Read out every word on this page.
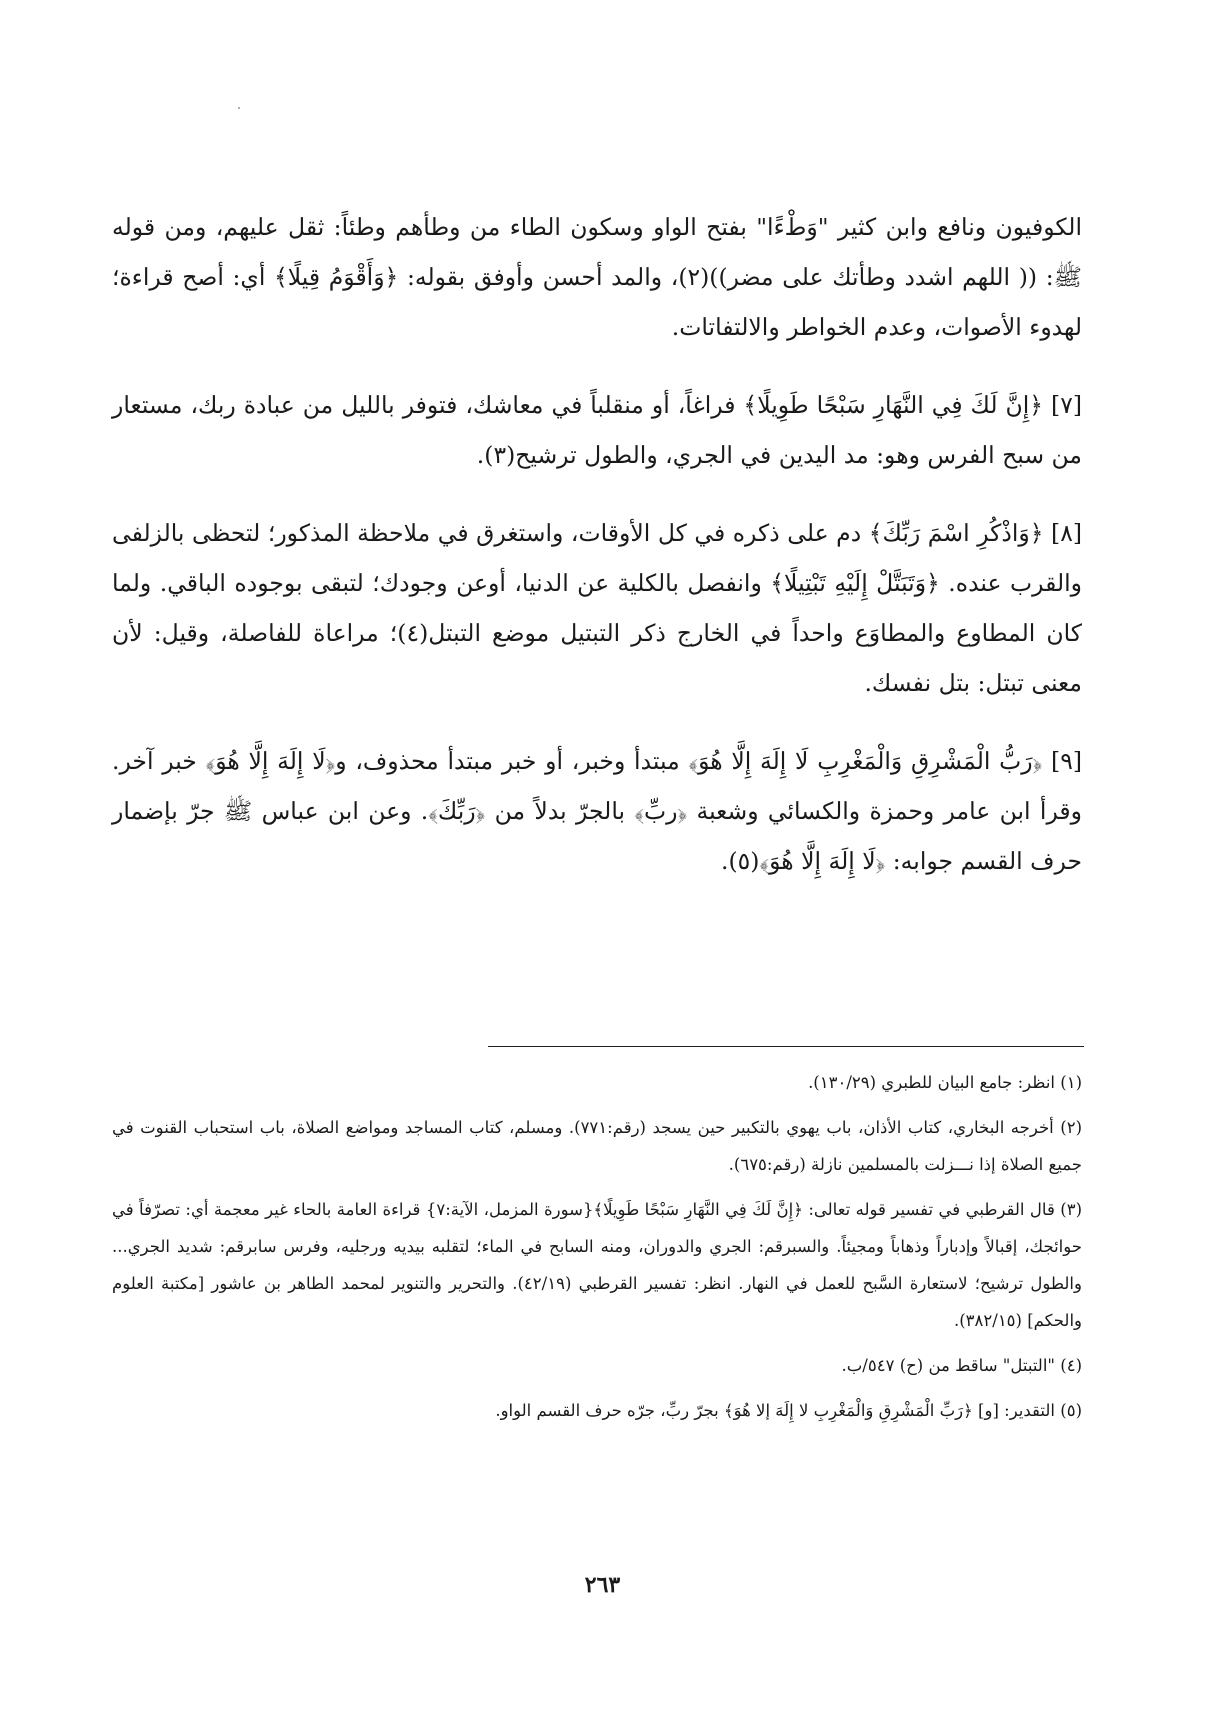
الكوفيون ونافع وابن كثير "وَطْءًا" بفتح الواو وسكون الطاء من وطأهم وطئاً: ثقل عليهم، ومن قوله ﷺ: (( اللهم اشدد وطأتك على مضر))(٢)، والمد أحسن وأوفق بقوله: ﴿وَأَقْوَمُ قِيلًا﴾ أي: أصح قراءة؛ لهدوء الأصوات، وعدم الخواطر والالتفاتات.

[٧] ﴿إِنَّ لَكَ فِي النَّهَارِ سَبْحًا طَوِيلًا﴾ فراغاً، أو منقلباً في معاشك، فتوفر بالليل من عبادة ربك، مستعار من سبح الفرس وهو: مد اليدين في الجري، والطول ترشيح(٣).

[٨] ﴿وَاذْكُرِ اسْمَ رَبِّكَ﴾ دم على ذكره في كل الأوقات، واستغرق في ملاحظة المذكور؛ لتحظى بالزلفى والقرب عنده. ﴿وَتَبَتَّلْ إِلَيْهِ تَبْتِيلًا﴾ وانفصل بالكلية عن الدنيا، أوعن وجودك؛ لتبقى بوجوده الباقي. ولما كان المطاوع والمطاوَع واحداً في الخارج ذكر التبتيل موضع التبتل(٤)؛ مراعاة للفاصلة، وقيل: لأن معنى تبتل: بتل نفسك.

[٩] ﴿رَبُّ الْمَشْرِقِ وَالْمَغْرِبِ لَا إِلَهَ إِلَّا هُوَ﴾ مبتدأ وخبر، أو خبر مبتدأ محذوف، و﴿لَا إِلَهَ إِلَّا هُوَ﴾ خبر آخر. وقرأ ابن عامر وحمزة والكسائي وشعبة ﴿ربِّ﴾ بالجرّ بدلاً من ﴿رَبِّكَ﴾. وعن ابن عباس ﷺ جرّ بإضمار حرف القسم جوابه: ﴿لَا إِلَهَ إِلَّا هُوَ﴾(٥).

(١) انظر: جامع البيان للطبري (١٣٠/٢٩).

(٢) أخرجه البخاري، كتاب الأذان، باب يهوي بالتكبير حين يسجد (رقم:٧٧١). ومسلم، كتاب المساجد ومواضع الصلاة، باب استحباب القنوت في جميع الصلاة إذا نـــزلت بالمسلمين نازلة (رقم:٦٧٥).

(٣) قال القرطبي في تفسير قوله تعالى: ﴿إِنَّ لَكَ فِي النَّهَارِ سَبْحًا طَوِيلًا﴾{سورة المزمل، الآية:٧} قراءة العامة بالحاء غير معجمة أي: تصرّفاً في حوائجك، إقبالاً وإدباراً وذهاباً ومجيئاً. والسبرقم: الجري والدوران، ومنه السابح في الماء؛ لتقلبه بيديه ورجليه، وفرس سابرقم: شديد الجري... والطول ترشيح؛ لاستعارة السَّبح للعمل في النهار. انظر: تفسير القرطبي (٤٢/١٩). والتحرير والتنوير لمحمد الطاهر بن عاشور [مكتبة العلوم والحكم] (٣٨٢/١٥).

(٤) "التبتل" ساقط من (ح) ٥٤٧/ب.

(٥) التقدير: [و] ﴿رَبِّ الْمَشْرِقِ وَالْمَغْرِبِ لا إِلَهَ إلا هُوَ﴾ بجرّ ربِّ، جرّه حرف القسم الواو.

٢٦٣
